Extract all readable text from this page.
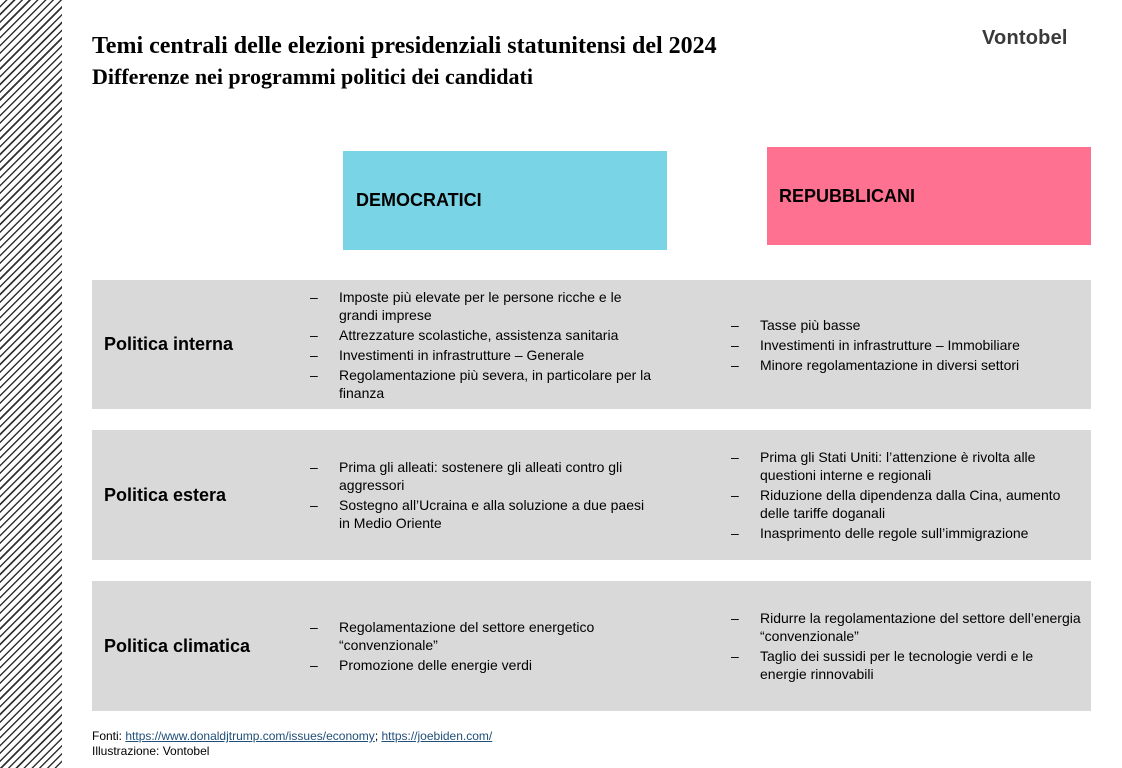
Temi centrali delle elezioni presidenziali statunitensi del 2024
Differenze nei programmi politici dei candidati
Vontobel
DEMOCRATICI	REPUBBLICANI
Politica interna
– Imposte più elevate per le persone ricche e le grandi imprese
– Attrezzature scolastiche, assistenza sanitaria
– Investimenti in infrastrutture – Generale
– Regolamentazione più severa, in particolare per la finanza
– Tasse più basse
– Investimenti in infrastrutture – Immobiliare
– Minore regolamentazione in diversi settori
Politica estera
– Prima gli alleati: sostenere gli alleati contro gli aggressori
– Sostegno all’Ucraina e alla soluzione a due paesi in Medio Oriente
– Prima gli Stati Uniti: l’attenzione è rivolta alle questioni interne e regionali
– Riduzione della dipendenza dalla Cina, aumento delle tariffe doganali
– Inasprimento delle regole sull’immigrazione
Politica climatica
– Regolamentazione del settore energetico “convenzionale”
– Promozione delle energie verdi
– Ridurre la regolamentazione del settore dell’energia “convenzionale”
– Taglio dei sussidi per le tecnologie verdi e le energie rinnovabili
Fonti: https://www.donaldjtrump.com/issues/economy; https://joebiden.com/
Illustrazione: Vontobel
